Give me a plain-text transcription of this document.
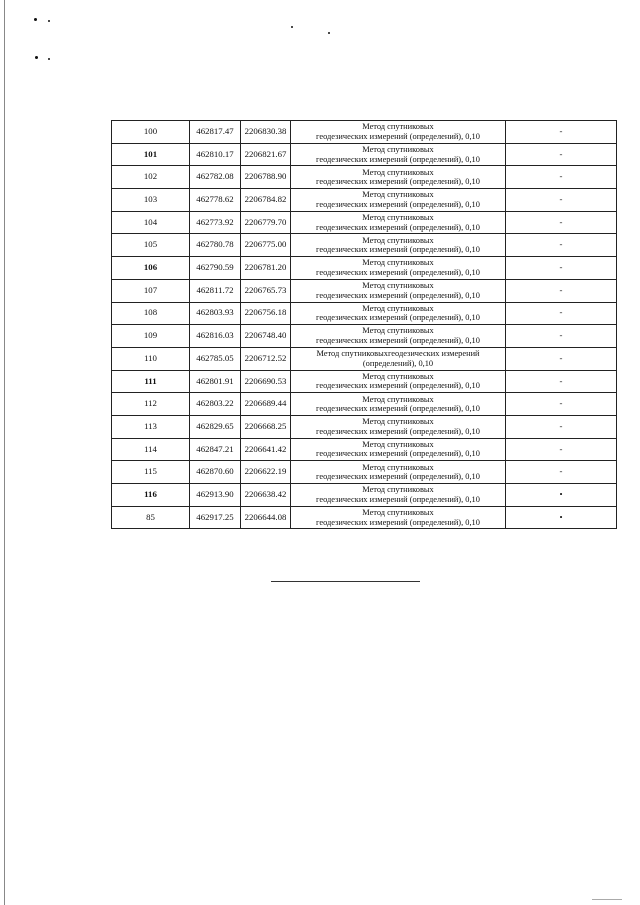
100	462817.47	2206830.38	Метод спутниковых
геодезических измерений (определений), 0,10	-
101	462810.17	2206821.67	Метод спутниковых
геодезических измерений (определений), 0,10	-
102	462782.08	2206788.90	Метод спутниковых
геодезических измерений (определений), 0,10	-
103	462778.62	2206784.82	Метод спутниковых
геодезических измерений (определений), 0,10	-
104	462773.92	2206779.70	Метод спутниковых
геодезических измерений (определений), 0,10	-
105	462780.78	2206775.00	Метод спутниковых
геодезических измерений (определений), 0,10	-
106	462790.59	2206781.20	Метод спутниковых
геодезических измерений (определений), 0,10	-
107	462811.72	2206765.73	Метод спутниковых
геодезических измерений (определений), 0,10	-
108	462803.93	2206756.18	Метод спутниковых
геодезических измерений (определений), 0,10	-
109	462816.03	2206748.40	Метод спутниковых
геодезических измерений (определений), 0,10	-
110	462785.05	2206712.52	Метод спутниковыхгеодезических измерений
(определений), 0,10	-
111	462801.91	2206690.53	Метод спутниковых
геодезических измерений (определений), 0,10	-
112	462803.22	2206689.44	Метод спутниковых
геодезических измерений (определений), 0,10	-
113	462829.65	2206668.25	Метод спутниковых
геодезических измерений (определений), 0,10	-
114	462847.21	2206641.42	Метод спутниковых
геодезических измерений (определений), 0,10	-
115	462870.60	2206622.19	Метод спутниковых
геодезических измерений (определений), 0,10	-
116	462913.90	2206638.42	Метод спутниковых
геодезических измерений (определений), 0,10	•
85	462917.25	2206644.08	Метод спутниковых
геодезических измерений (определений), 0,10	•
